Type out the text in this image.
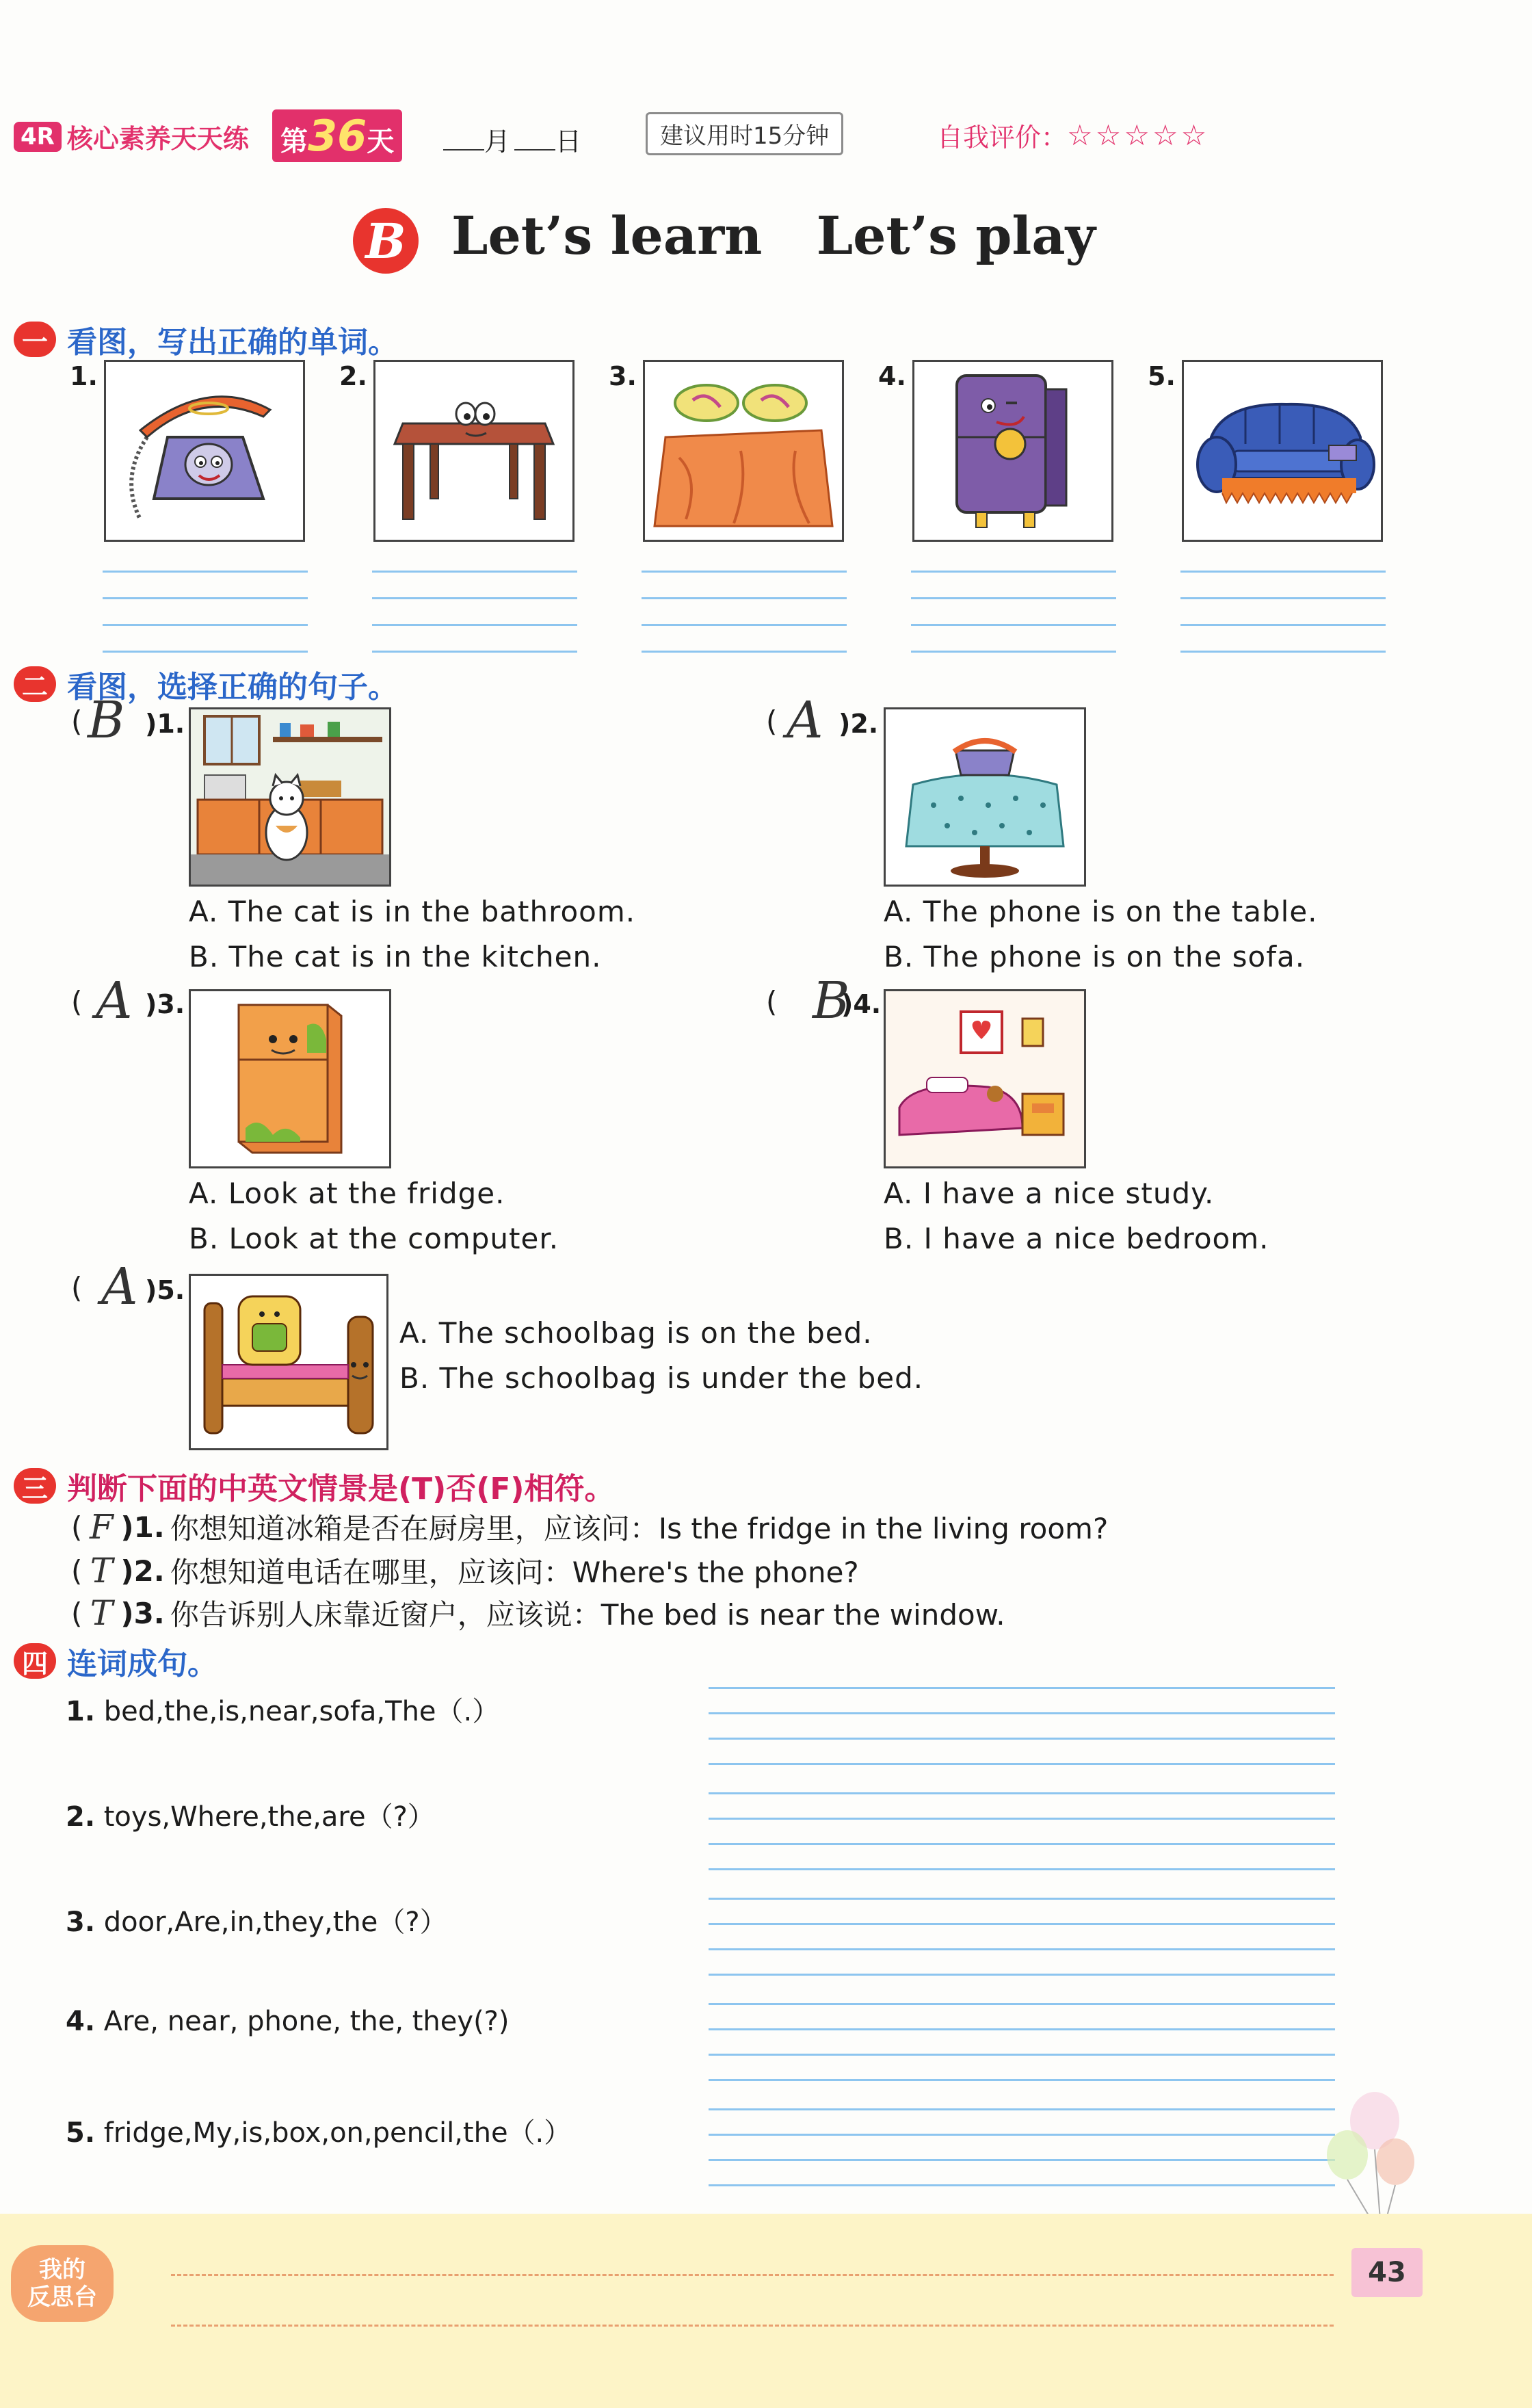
4R 核心素养天天练	第36天	月 日	建议用时15分钟	自我评价： ☆☆☆☆☆
B Let’s learn   Let’s play
一 看图，写出正确的单词。
1.	2.	3.	4.	5.
二 看图，选择正确的句子。
( B )1.
A. The cat is in the bathroom.
B. The cat is in the kitchen.
( A )2.
A. The phone is on the table.
B. The phone is on the sofa.
( A )3.
A. Look at the fridge.
B. Look at the computer.
( B
)4.
A. I have a nice study.
B. I have a nice bedroom.
( A )5.
A. The schoolbag is on the bed.
B. The schoolbag is under the bed.
三 判断下面的中英文情景是(T)否(F)相符。
( F )1. 你想知道冰箱是否在厨房里，应该问：Is the fridge in the living room?
( T )2. 你想知道电话在哪里，应该问：Where's the phone?
( T )3. 你告诉别人床靠近窗户，应该说：The bed is near the window.
四 连词成句。
1. bed,the,is,near,sofa,The（.）
2. toys,Where,the,are（?）
3. door,Are,in,they,the（?）
4. Are, near, phone, the, they(?)
5. fridge,My,is,box,on,pencil,the（.）
我的
反思台
43
